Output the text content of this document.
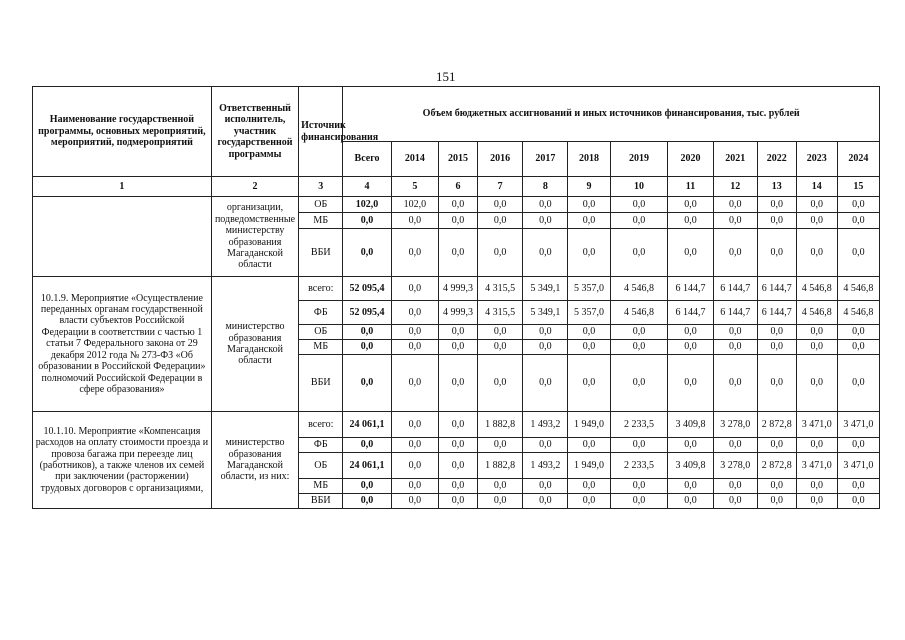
151
Наименование государственной программы, основных мероприятий, мероприятий, подмероприятий	Ответственный исполнитель, участник государственной программы	Источник финансирования	Объем бюджетных ассигнований и иных источников финансирования, тыс. рублей											
			Всего	2014	2015	2016	2017	2018	2019	2020	2021	2022	2023	2024
1	2	3	4	5	6	7	8	9	10	11	12	13	14	15
	организации, подведомственные министерству образования Магаданской области	ОБ	102,0	102,0	0,0	0,0	0,0	0,0	0,0	0,0	0,0	0,0	0,0	0,0
		МБ	0,0	0,0	0,0	0,0	0,0	0,0	0,0	0,0	0,0	0,0	0,0	0,0
		ВБИ	0,0	0,0	0,0	0,0	0,0	0,0	0,0	0,0	0,0	0,0	0,0	0,0
10.1.9. Мероприятие «Осуществление переданных органам государственной власти субъектов Российской Федерации в соответствии с частью 1 статьи 7 Федерального закона от 29 декабря 2012 года № 273-ФЗ «Об образовании в Российской Федерации» полномочий Российской Федерации в сфере образования»	министерство образования Магаданской области	всего:	52 095,4	0,0	4 999,3	4 315,5	5 349,1	5 357,0	4 546,8	6 144,7	6 144,7	6 144,7	4 546,8	4 546,8
		ФБ	52 095,4	0,0	4 999,3	4 315,5	5 349,1	5 357,0	4 546,8	6 144,7	6 144,7	6 144,7	4 546,8	4 546,8
		ОБ	0,0	0,0	0,0	0,0	0,0	0,0	0,0	0,0	0,0	0,0	0,0	0,0
		МБ	0,0	0,0	0,0	0,0	0,0	0,0	0,0	0,0	0,0	0,0	0,0	0,0
		ВБИ	0,0	0,0	0,0	0,0	0,0	0,0	0,0	0,0	0,0	0,0	0,0	0,0
10.1.10. Мероприятие «Компенсация расходов на оплату стоимости проезда и провоза багажа при переезде лиц (работников), а также членов их семей при заключении (расторжении) трудовых договоров с организациями,	министерство образования Магаданской области, из них:	всего:	24 061,1	0,0	0,0	1 882,8	1 493,2	1 949,0	2 233,5	3 409,8	3 278,0	2 872,8	3 471,0	3 471,0
		ФБ	0,0	0,0	0,0	0,0	0,0	0,0	0,0	0,0	0,0	0,0	0,0	0,0
		ОБ	24 061,1	0,0	0,0	1 882,8	1 493,2	1 949,0	2 233,5	3 409,8	3 278,0	2 872,8	3 471,0	3 471,0
		МБ	0,0	0,0	0,0	0,0	0,0	0,0	0,0	0,0	0,0	0,0	0,0	0,0
		ВБИ	0,0	0,0	0,0	0,0	0,0	0,0	0,0	0,0	0,0	0,0	0,0	0,0
